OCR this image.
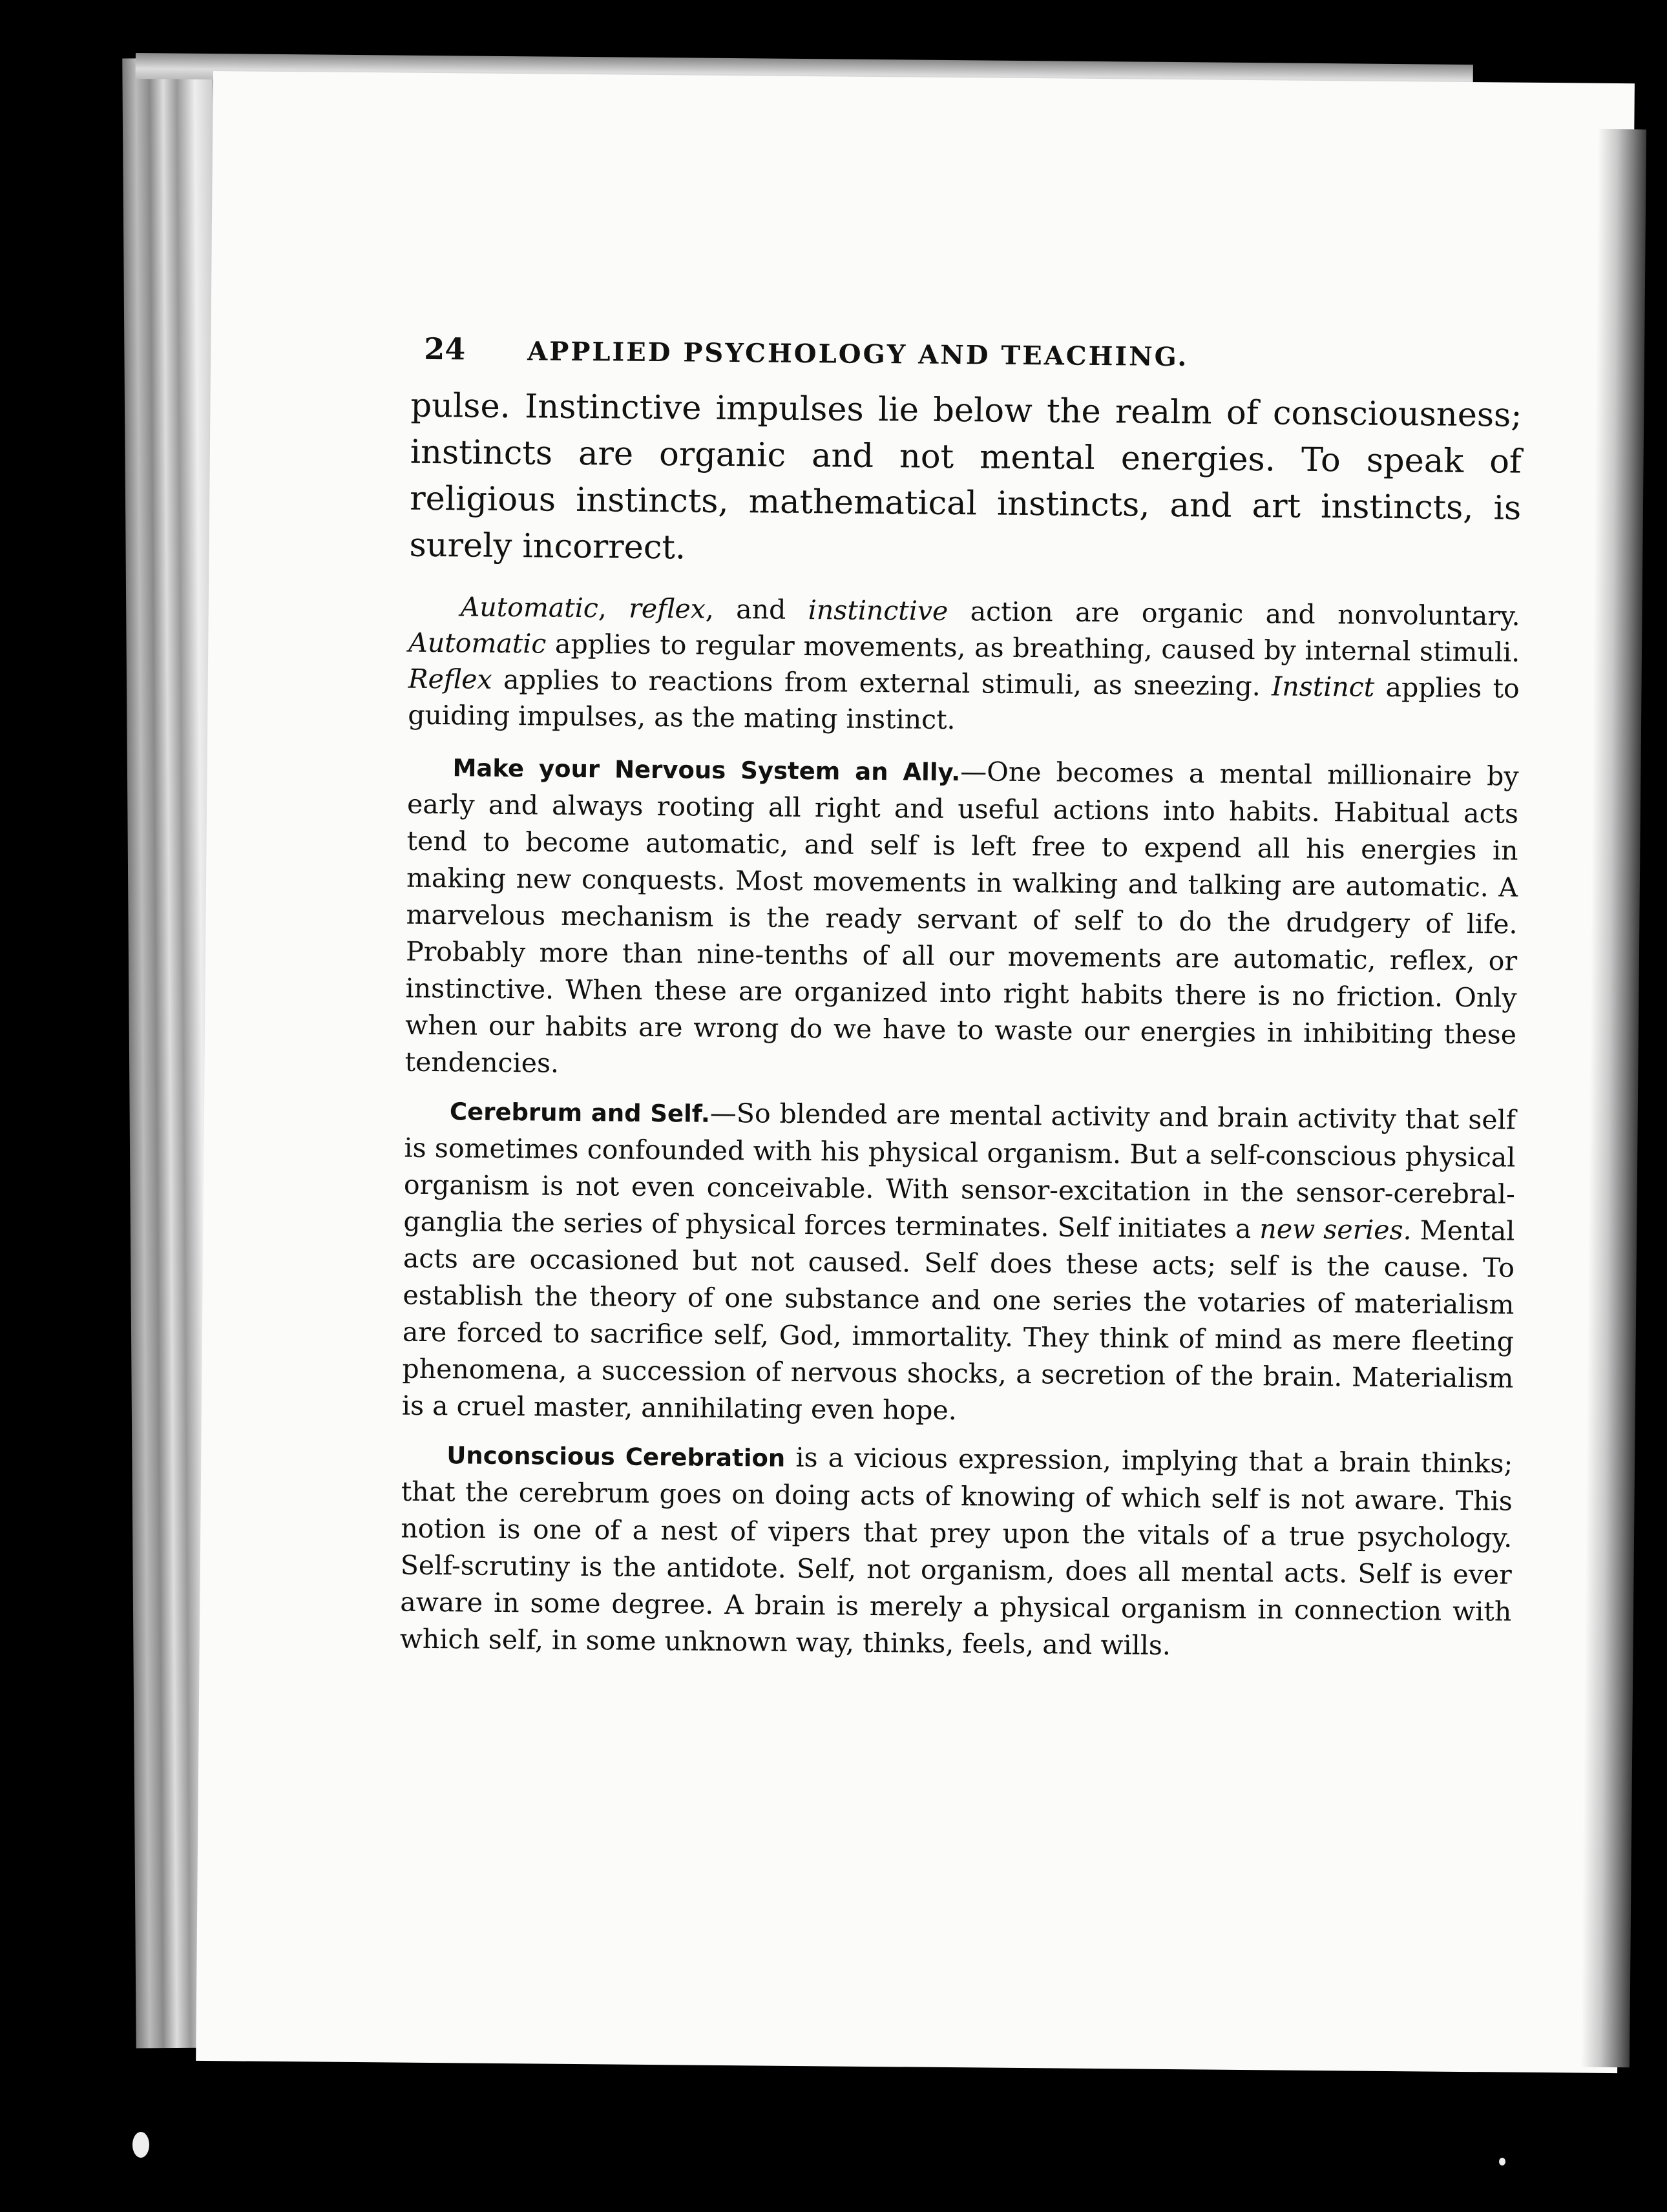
24	APPLIED PSYCHOLOGY AND TEACHING.

pulse. Instinctive impulses lie below the realm of consciousness; instincts are organic and not mental energies. To speak of religious instincts, mathematical instincts, and art instincts, is surely incorrect.

Automatic, reflex, and instinctive action are organic and nonvoluntary. Automatic applies to regular movements, as breathing, caused by internal stimuli. Reflex applies to reactions from external stimuli, as sneezing. Instinct applies to guiding impulses, as the mating instinct.

Make your Nervous System an Ally.—One becomes a mental millionaire by early and always rooting all right and useful actions into habits. Habitual acts tend to become automatic, and self is left free to expend all his energies in making new conquests. Most movements in walking and talking are automatic. A marvelous mechanism is the ready servant of self to do the drudgery of life. Probably more than nine-tenths of all our movements are automatic, reflex, or instinctive. When these are organized into right habits there is no friction. Only when our habits are wrong do we have to waste our energies in inhibiting these tendencies.

Cerebrum and Self.—So blended are mental activity and brain activity that self is sometimes confounded with his physical organism. But a self-conscious physical organism is not even conceivable. With sensor-excitation in the sensor-cerebral-ganglia the series of physical forces terminates. Self initiates a new series. Mental acts are occasioned but not caused. Self does these acts; self is the cause. To establish the theory of one substance and one series the votaries of materialism are forced to sacrifice self, God, immortality. They think of mind as mere fleeting phenomena, a succession of nervous shocks, a secretion of the brain. Materialism is a cruel master, annihilating even hope.

Unconscious Cerebration is a vicious expression, implying that a brain thinks; that the cerebrum goes on doing acts of knowing of which self is not aware. This notion is one of a nest of vipers that prey upon the vitals of a true psychology. Self-scrutiny is the antidote. Self, not organism, does all mental acts. Self is ever aware in some degree. A brain is merely a physical organism in connection with which self, in some unknown way, thinks, feels, and wills.
